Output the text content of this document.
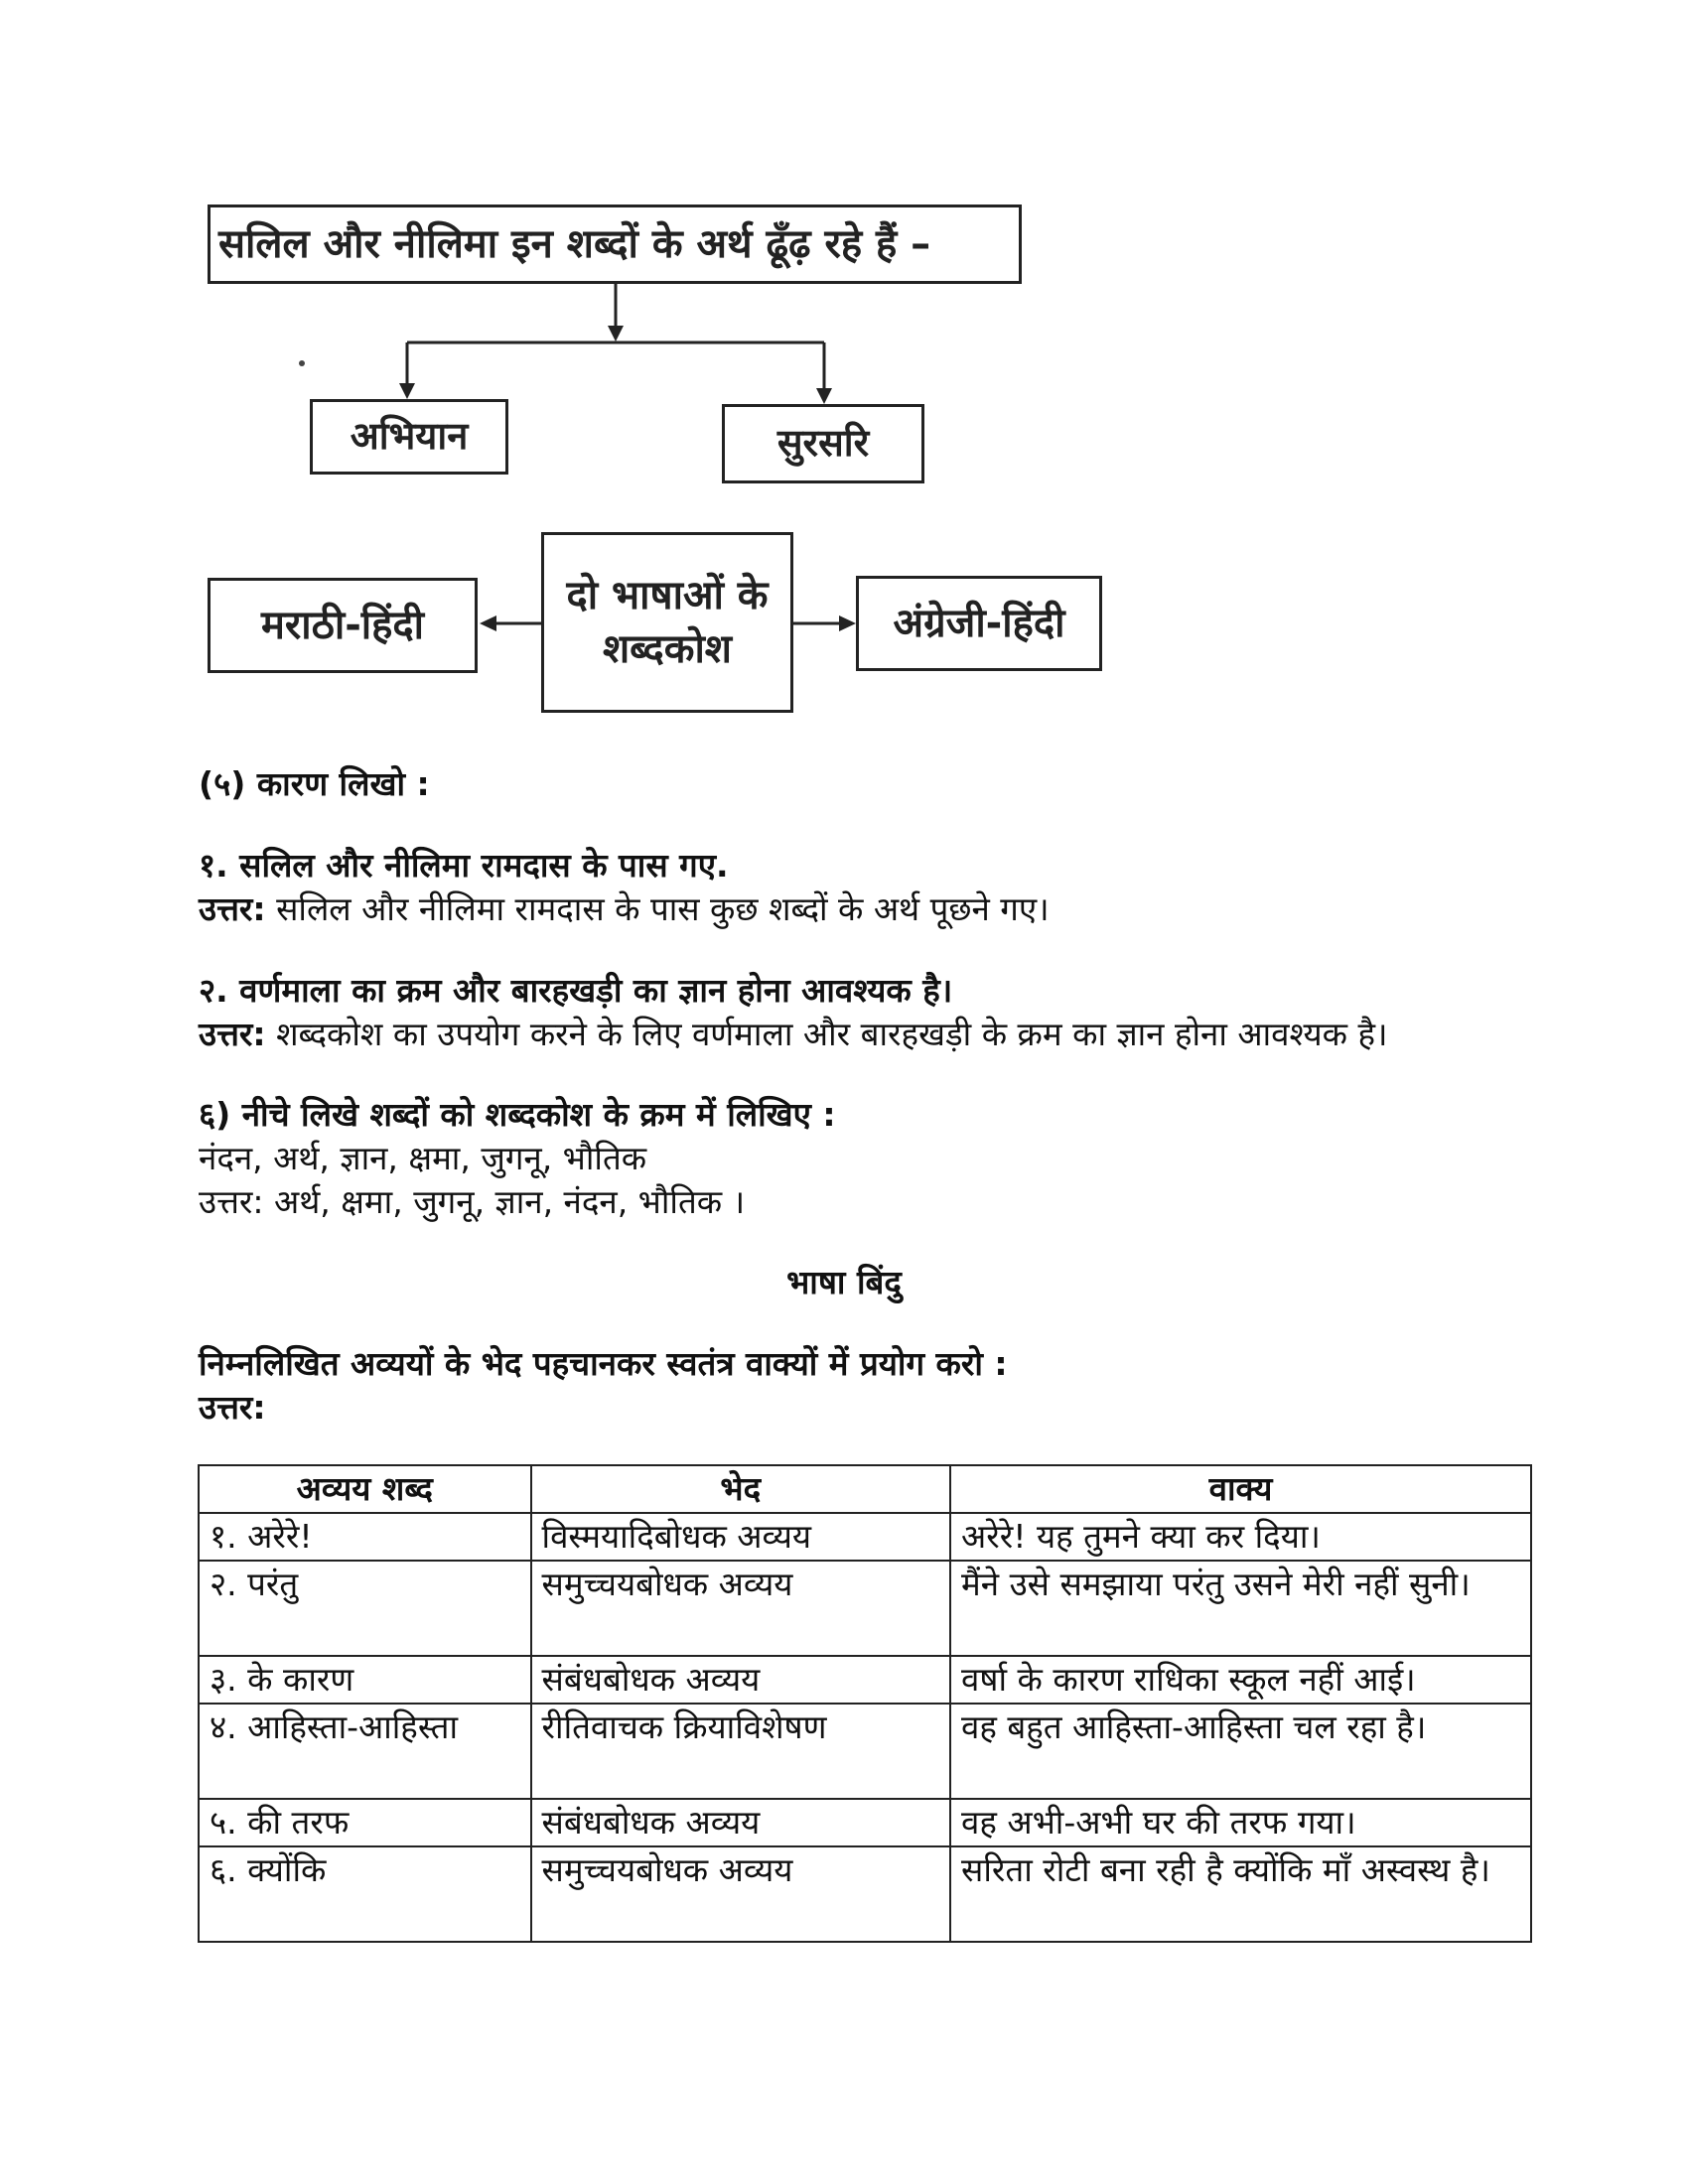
सलिल और नीलिमा इन शब्दों के अर्थ ढूँढ़ रहे हैं –
अभियान	सुरसरि
मराठी-हिंदी
दो भाषाओं के
शब्दकोश
अंग्रेजी-हिंदी
(५) कारण लिखो :
१. सलिल और नीलिमा रामदास के पास गए.
उत्तर: सलिल और नीलिमा रामदास के पास कुछ शब्दों के अर्थ पूछने गए।
२. वर्णमाला का क्रम और बारहखड़ी का ज्ञान होना आवश्यक है।
उत्तर: शब्दकोश का उपयोग करने के लिए वर्णमाला और बारहखड़ी के क्रम का ज्ञान होना आवश्यक है।
६) नीचे लिखे शब्दों को शब्दकोश के क्रम में लिखिए :
नंदन, अर्थ, ज्ञान, क्षमा, जुगनू, भौतिक
उत्तर: अर्थ, क्षमा, जुगनू, ज्ञान, नंदन, भौतिक ।
भाषा बिंदु
निम्नलिखित अव्ययों के भेद पहचानकर स्वतंत्र वाक्यों में प्रयोग करो :
उत्तर:
अव्यय शब्द	भेद	वाक्य
१. अरेरे!	विस्मयादिबोधक अव्यय	अरेरे! यह तुमने क्या कर दिया।
२. परंतु	समुच्चयबोधक अव्यय	मैंने उसे समझाया परंतु उसने मेरी नहीं सुनी।
३. के कारण	संबंधबोधक अव्यय	वर्षा के कारण राधिका स्कूल नहीं आई।
४. आहिस्ता-आहिस्ता	रीतिवाचक क्रियाविशेषण	वह बहुत आहिस्ता-आहिस्ता चल रहा है।
५. की तरफ	संबंधबोधक अव्यय	वह अभी-अभी घर की तरफ गया।
६. क्योंकि	समुच्चयबोधक अव्यय	सरिता रोटी बना रही है क्योंकि माँ अस्वस्थ है।
